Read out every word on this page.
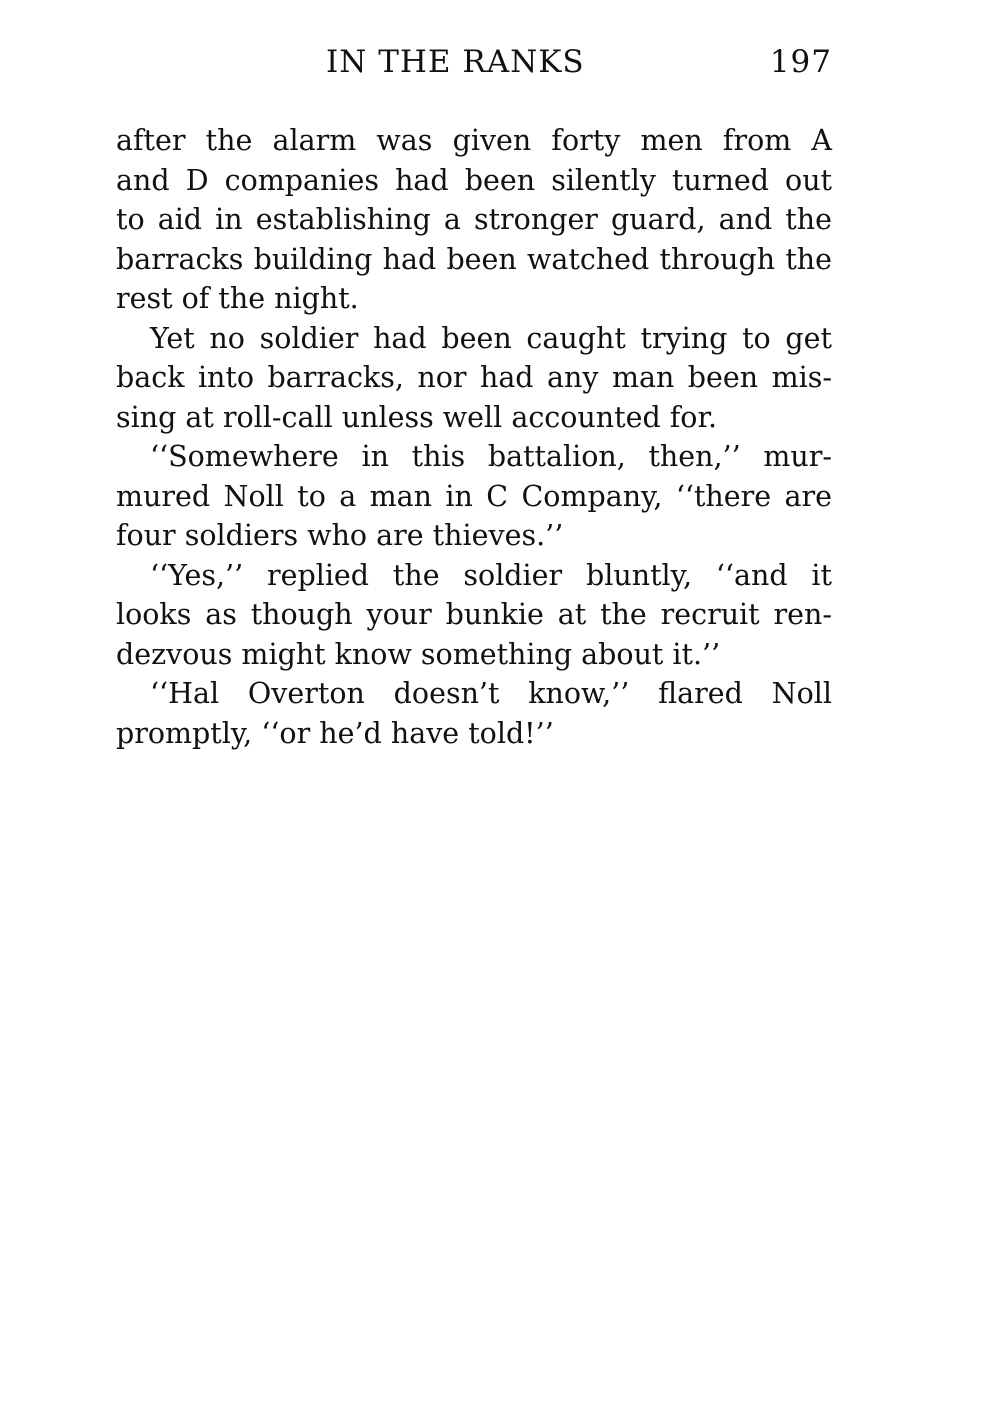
IN THE RANKS	197

after the alarm was given forty men from A
and D companies had been silently turned out
to aid in establishing a stronger guard, and the
barracks building had been watched through the
rest of the night.

Yet no soldier had been caught trying to get
back into barracks, nor had any man been mis-
sing at roll-call unless well accounted for.

‘‘Somewhere in this battalion, then,’’ mur-
mured Noll to a man in C Company, ‘‘there are
four soldiers who are thieves.’’

‘‘Yes,’’ replied the soldier bluntly, ‘‘and it
looks as though your bunkie at the recruit ren-
dezvous might know something about it.’’

‘‘Hal Overton doesn’t know,’’ flared Noll
promptly, ‘‘or he’d have told!’’
